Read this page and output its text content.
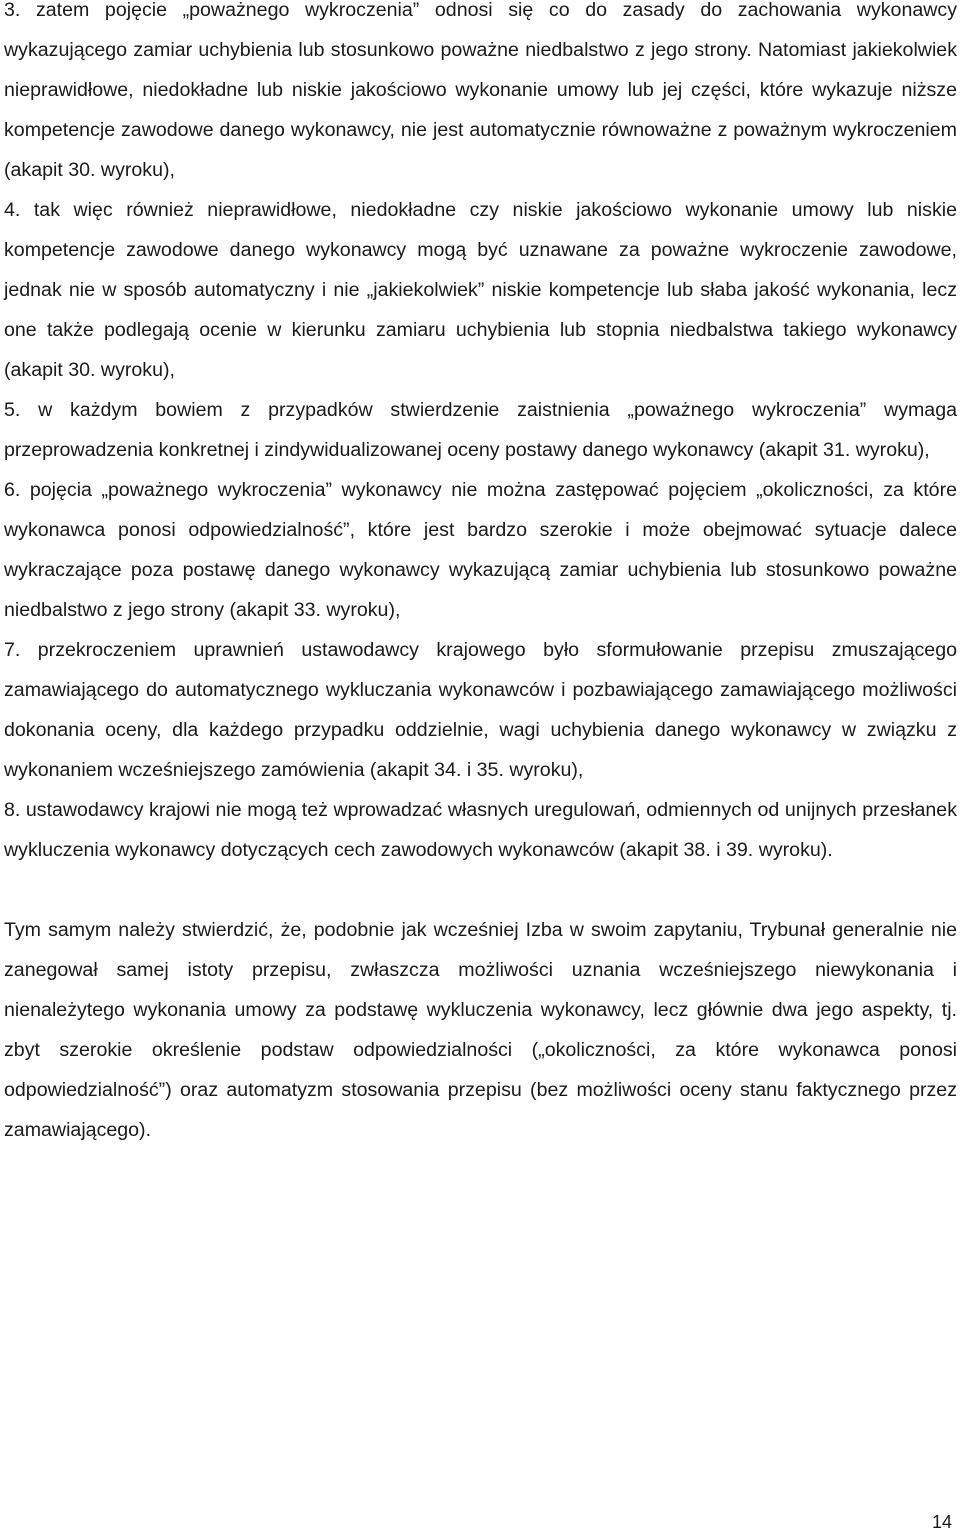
3. zatem pojęcie „poważnego wykroczenia” odnosi się co do zasady do zachowania wykonawcy wykazującego zamiar uchybienia lub stosunkowo poważne niedbalstwo z jego strony. Natomiast jakiekolwiek nieprawidłowe, niedokładne lub niskie jakościowo wykonanie umowy lub jej części, które wykazuje niższe kompetencje zawodowe danego wykonawcy, nie jest automatycznie równoważne z poważnym wykroczeniem (akapit 30. wyroku),

4. tak więc również nieprawidłowe, niedokładne czy niskie jakościowo wykonanie umowy lub niskie kompetencje zawodowe danego wykonawcy mogą być uznawane za poważne wykroczenie zawodowe, jednak nie w sposób automatyczny i nie „jakiekolwiek” niskie kompetencje lub słaba jakość wykonania, lecz one także podlegają ocenie w kierunku zamiaru uchybienia lub stopnia niedbalstwa takiego wykonawcy (akapit 30. wyroku),

5. w każdym bowiem z przypadków stwierdzenie zaistnienia „poważnego wykroczenia” wymaga przeprowadzenia konkretnej i zindywidualizowanej oceny postawy danego wykonawcy (akapit 31. wyroku),

6. pojęcia „poważnego wykroczenia” wykonawcy nie można zastępować pojęciem „okoliczności, za które wykonawca ponosi odpowiedzialność”, które jest bardzo szerokie i może obejmować sytuacje dalece wykraczające poza postawę danego wykonawcy wykazującą zamiar uchybienia lub stosunkowo poważne niedbalstwo z jego strony (akapit 33. wyroku),

7. przekroczeniem uprawnień ustawodawcy krajowego było sformułowanie przepisu zmuszającego zamawiającego do automatycznego wykluczania wykonawców i pozbawiającego zamawiającego możliwości dokonania oceny, dla każdego przypadku oddzielnie, wagi uchybienia danego wykonawcy w związku z wykonaniem wcześniejszego zamówienia (akapit 34. i 35. wyroku),

8. ustawodawcy krajowi nie mogą też wprowadzać własnych uregulowań, odmiennych od unijnych przesłanek wykluczenia wykonawcy dotyczących cech zawodowych wykonawców (akapit 38. i 39. wyroku).

Tym samym należy stwierdzić, że, podobnie jak wcześniej Izba w swoim zapytaniu, Trybunał generalnie nie zanegował samej istoty przepisu, zwłaszcza możliwości uznania wcześniejszego niewykonania i nienależytego wykonania umowy za podstawę wykluczenia wykonawcy, lecz głównie dwa jego aspekty, tj. zbyt szerokie określenie podstaw odpowiedzialności („okoliczności, za które wykonawca ponosi odpowiedzialność”) oraz automatyzm stosowania przepisu (bez możliwości oceny stanu faktycznego przez zamawiającego).

14
